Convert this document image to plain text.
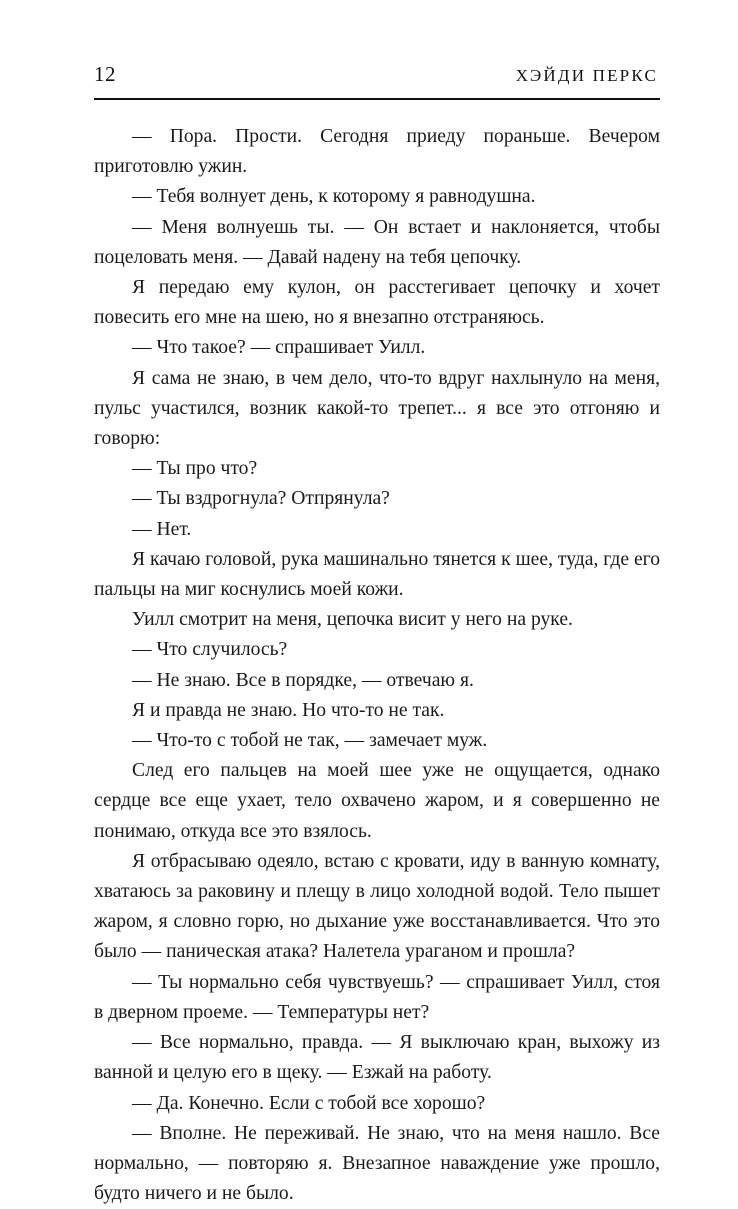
12	ХЭЙДИ ПЕРКС

— Пора. Прости. Сегодня приеду пораньше. Вечером приготовлю ужин.

— Тебя волнует день, к которому я равнодушна.

— Меня волнуешь ты. — Он встает и наклоняется, чтобы поцеловать меня. — Давай надену на тебя цепочку.

Я передаю ему кулон, он расстегивает цепочку и хочет повесить его мне на шею, но я внезапно отстраняюсь.

— Что такое? — спрашивает Уилл.

Я сама не знаю, в чем дело, что-то вдруг нахлынуло на меня, пульс участился, возник какой-то трепет... я все это отгоняю и говорю:

— Ты про что?

— Ты вздрогнула? Отпрянула?

— Нет.

Я качаю головой, рука машинально тянется к шее, туда, где его пальцы на миг коснулись моей кожи.

Уилл смотрит на меня, цепочка висит у него на руке.

— Что случилось?

— Не знаю. Все в порядке, — отвечаю я.

Я и правда не знаю. Но что-то не так.

— Что-то с тобой не так, — замечает муж.

След его пальцев на моей шее уже не ощущается, однако сердце все еще ухает, тело охвачено жаром, и я совершенно не понимаю, откуда все это взялось.

Я отбрасываю одеяло, встаю с кровати, иду в ванную комнату, хватаюсь за раковину и плещу в лицо холодной водой. Тело пышет жаром, я словно горю, но дыхание уже восстанавливается. Что это было — паническая атака? Налетела ураганом и прошла?

— Ты нормально себя чувствуешь? — спрашивает Уилл, стоя в дверном проеме. — Температуры нет?

— Все нормально, правда. — Я выключаю кран, выхожу из ванной и целую его в щеку. — Езжай на работу.

— Да. Конечно. Если с тобой все хорошо?

— Вполне. Не переживай. Не знаю, что на меня нашло. Все нормально, — повторяю я. Внезапное наваждение уже прошло, будто ничего и не было.
